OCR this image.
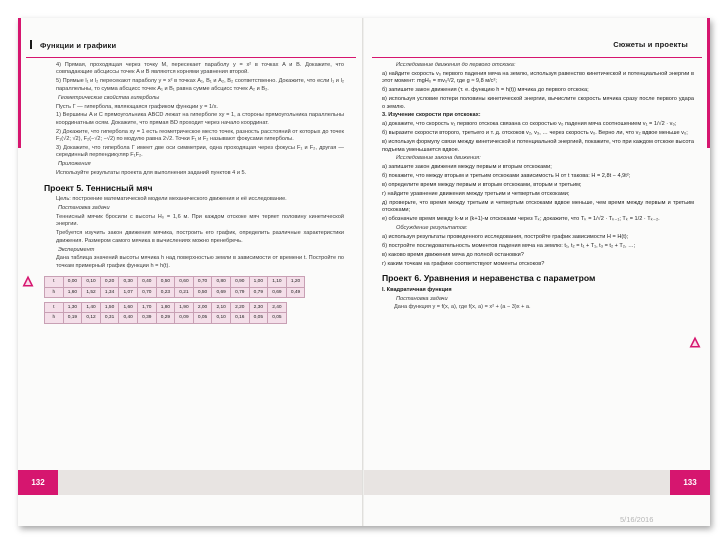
Функции и графики
4) Прямая, проходящая через точку M, пересекает параболу y = x² в точках A и B. Докажите, что совпадающие абсциссы точек A и B являются корнями уравнения второй.
5) Прямые l₁ и l₂ пересекают параболу y = x² в точках A₁, B₁ и A₂, B₂ соответственно. Докажите, что если l₁ и l₂ параллельны, то сумма абсцисс точек A₁ и B₁ равна сумме абсцисс точек A₂ и B₂.
Геометрические свойства гиперболы
Пусть Г — гипербола, являющаяся графиком функции y = 1/x.
1) Вершины A и C прямоугольника ABCD лежат на гиперболе xy = 1, а стороны прямоугольника параллельны координатным осям. Докажите, что прямая BD проходит через начало координат.
2) Докажите, что гипербола xy = 1 есть геометрическое место точек, разность расстояний от которых до точек F₁(√2; √2), F₂(−√2; −√2) по модулю равна 2√2. Точки F₁ и F₂ называют фокусами гиперболы.
3) Докажите, что гипербола Г имеет две оси симметрии, одна проходящая через фокусы F₁ и F₂, другая — серединный перпендикуляр F₁F₂.
Приложения
Используйте результаты проекта для выполнения заданий пунктов 4 и 5.
Проект 5. Теннисный мяч
Цель: построение математической модели механического движения и её исследование.
Постановка задачи
Теннисный мячик бросили с высоты H₀ = 1,6 м. При каждом отскоке мяч теряет половину кинетической энергии.
Требуется изучить закон движения мячика, построить его график, определить различные характеристики движения. Размером самого мячика в вычислениях можно пренебречь.
Эксперимент
Дана таблица значений высоты мячика h над поверхностью земли в зависимости от времени t. Постройте по точкам примерный график функции h = h(t).
t	0,00	0,10	0,20	0,30	0,40	0,50	0,60	0,70	0,80	0,90	1,00	1,10	1,20
h	1,60	1,52	1,34	1,07	0,70	0,23	0,21	0,50	0,69	0,79	0,79	0,69	0,49
t	1,30	1,40	1,50	1,60	1,70	1,80	1,90	2,00	2,10	2,20	2,30	2,40
h	0,19	0,12	0,31	0,40	0,39	0,29	0,09	0,05	0,10	0,16	0,05	0,05
132
Сюжеты и проекты
Исследование движения до первого отскока:
а) найдите скорость v₀ первого падения мяча на землю, используя равенство кинетической и потенциальной энергии в этот момент: mgH₀ = mv₀²/2, где g ≈ 9,8 м/с²;
б) запишите закон движения (т. е. функцию h = h(t)) мячика до первого отскока;
в) используя условие потери половины кинетической энергии, вычислите скорость мячика сразу после первого удара о землю.
3. Изучение скорости при отскоках:
а) докажите, что скорость v₁ первого отскока связана со скоростью v₀ падения мяча соотношением v₁ = 1/√2 · v₀;
б) выразите скорости второго, третьего и т. д. отскоков v₂, v₃, … через скорость v₀. Верно ли, что v₂ вдвое меньше v₀;
в) используя формулу связи между кинетической и потенциальной энергией, покажите, что при каждом отскоке высота подъема уменьшается вдвое.
Исследование закона движения:
а) запишите закон движения между первым и вторым отскоками;
б) покажите, что между вторым и третьим отскоками зависимость H от t такова: H = 2,8t − 4,9t²;
в) определите время между первым и вторым отскоками, вторым и третьим;
г) найдите уравнение движения между третьим и четвертым отскоками;
д) проверьте, что время между третьим и четвертым отскоками вдвое меньше, чем время между первым и третьим отскоками;
е) обозначьте время между k-м и (k+1)-м отскоками через Tₖ; докажите, что Tₖ = 1/√2 · Tₖ₋₁; Tₖ = 1/2 · Tₖ₋₂.
Обсуждение результатов:
а) используя результаты проведенного исследования, постройте график зависимости H = H(t);
б) постройте последовательность моментов падения мяча на землю: t₁, t₂ = t₁ + T₁, t₃ = t₂ + T₂, …;
в) каково время движения мяча до полной остановки?
г) каким точкам на графике соответствуют моменты отскоков?
Проект 6. Уравнения и неравенства с параметром
I. Квадратичная функция
Постановка задачи
Дана функция y = f(x, a), где f(x, a) = x² + (a − 3)x + a.
133
5/16/2016
